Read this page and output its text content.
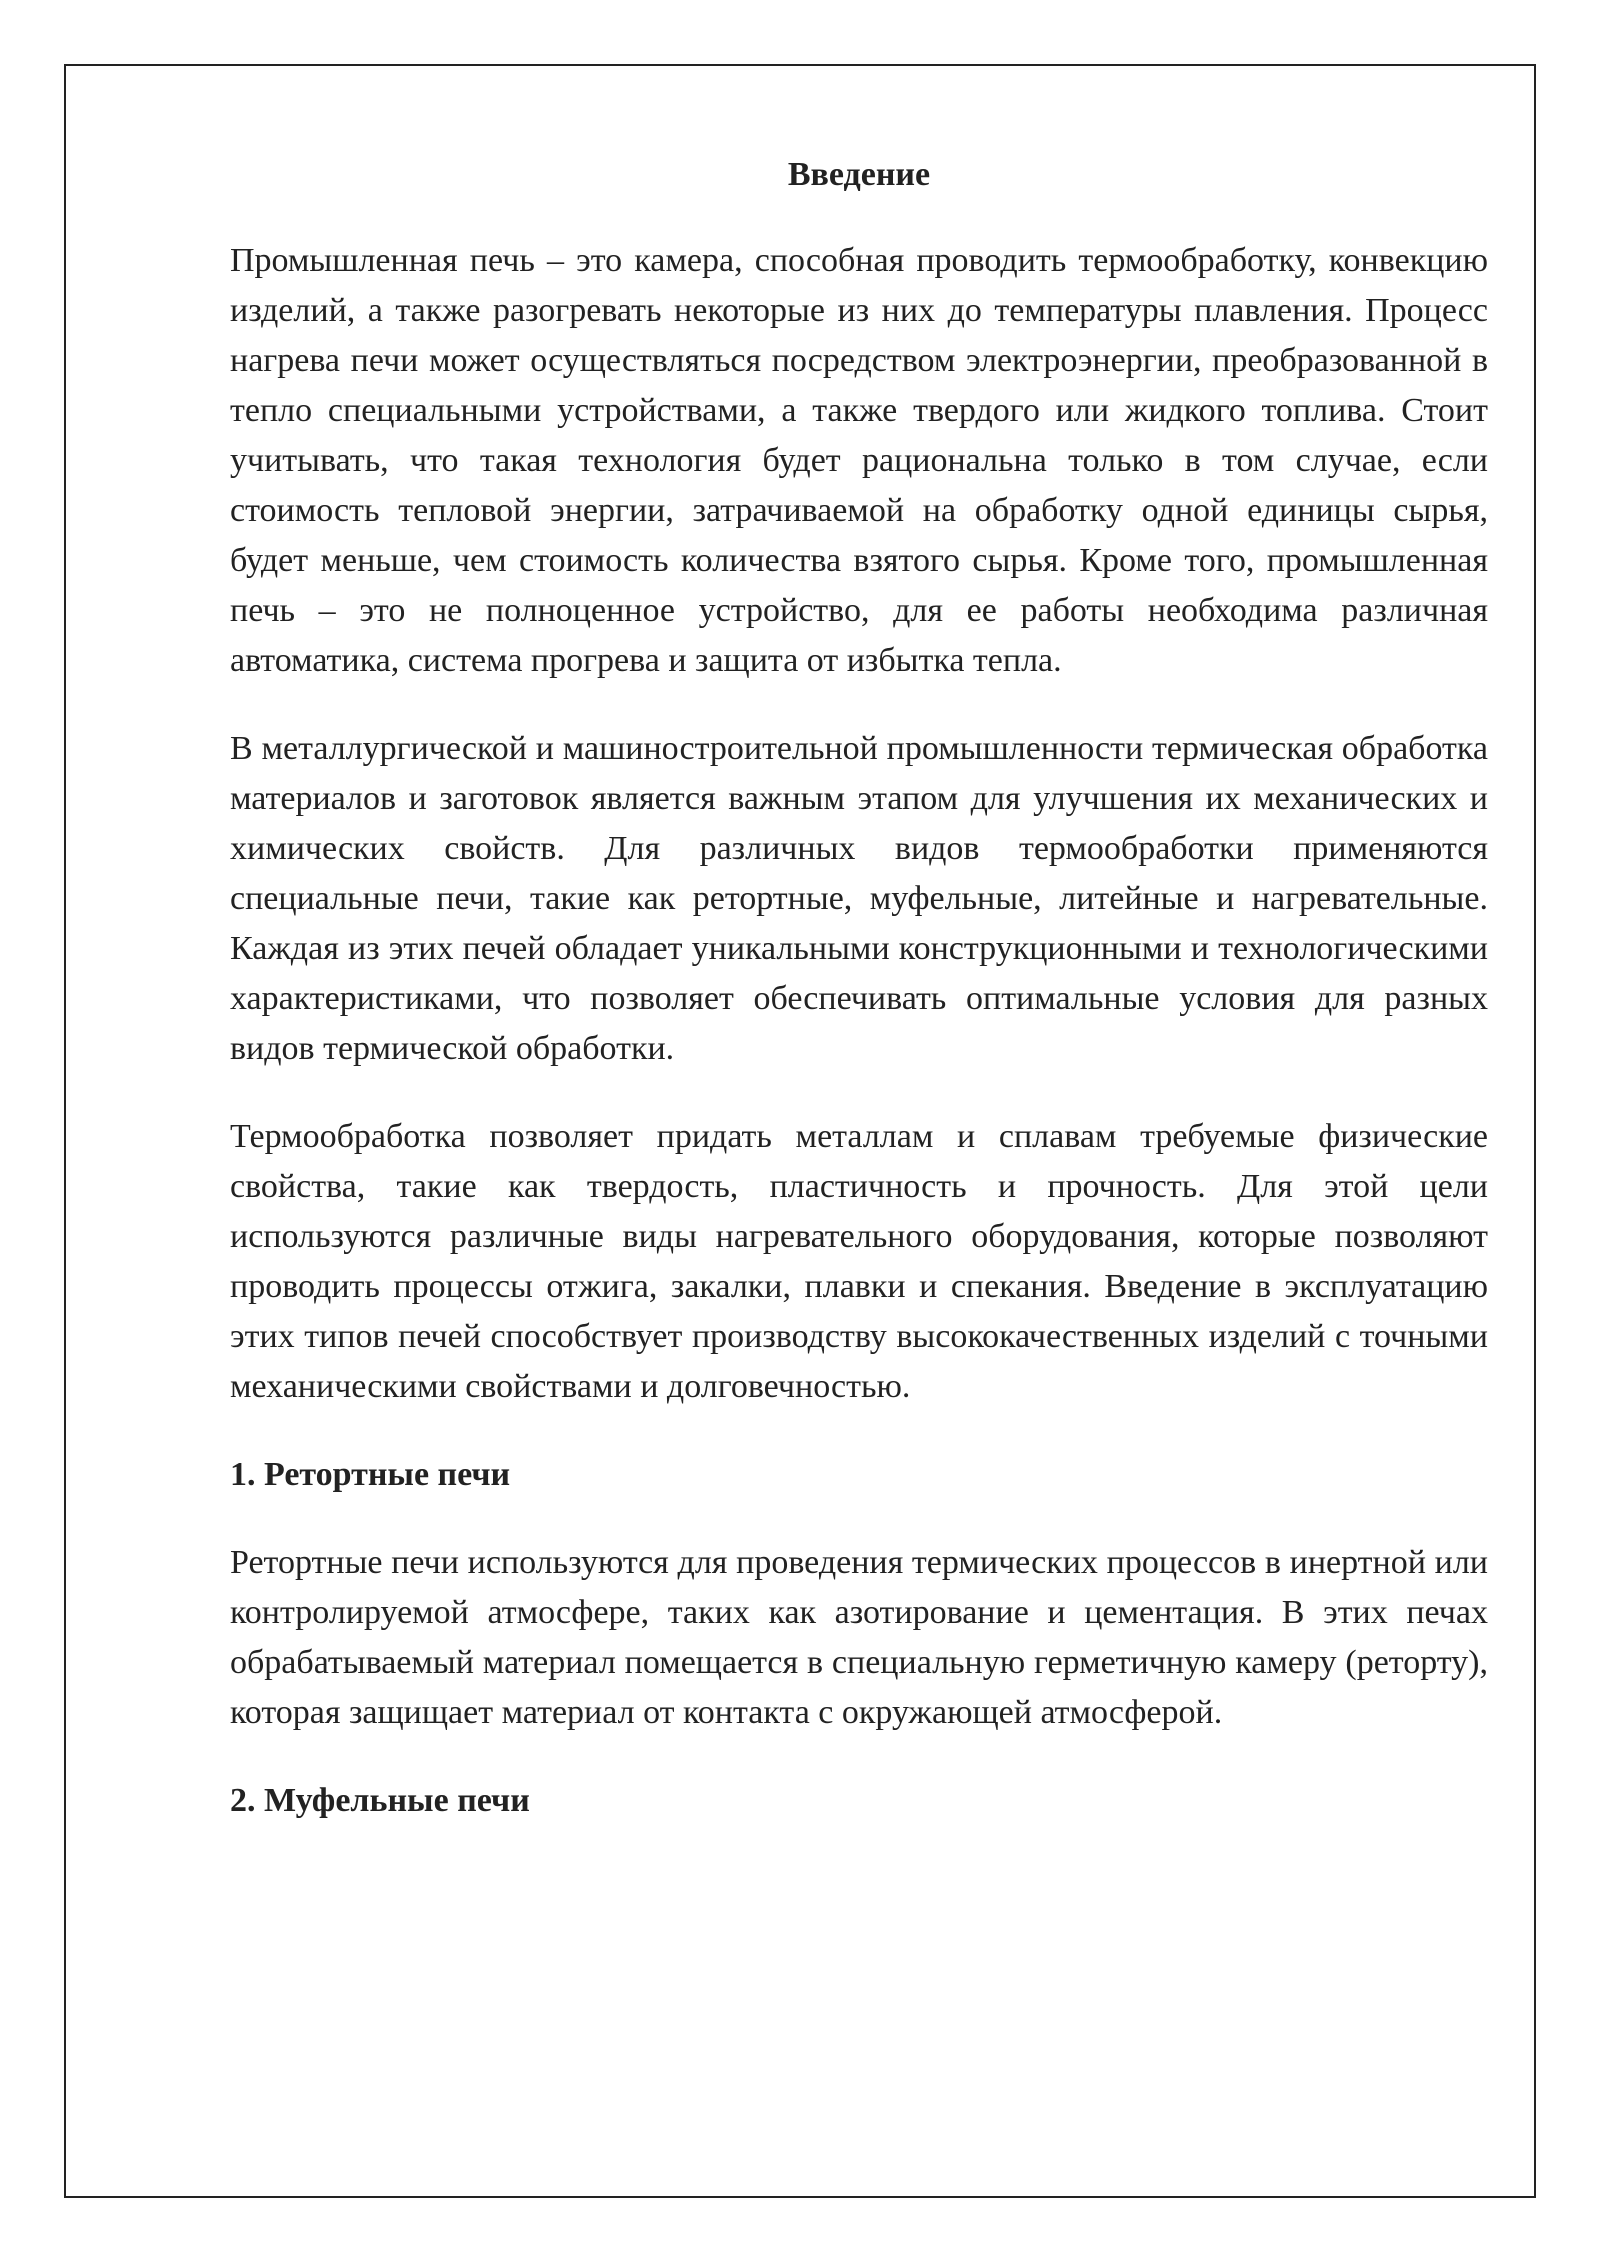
Введение

Промышленная печь – это камера, способная проводить термообработку, конвекцию изделий, а также разогревать некоторые из них до температуры плавления. Процесс нагрева печи может осуществляться посредством электроэнергии, преобразованной в тепло специальными устройствами, а также твердого или жидкого топлива. Стоит учитывать, что такая технология будет рациональна только в том случае, если стоимость тепловой энергии, затрачиваемой на обработку одной единицы сырья, будет меньше, чем стоимость количества взятого сырья. Кроме того, промышленная печь – это не полноценное устройство, для ее работы необходима различная автоматика, система прогрева и защита от избытка тепла.

В металлургической и машиностроительной промышленности термическая обработка материалов и заготовок является важным этапом для улучшения их механических и химических свойств. Для различных видов термообработки применяются специальные печи, такие как ретортные, муфельные, литейные и нагревательные. Каждая из этих печей обладает уникальными конструкционными и технологическими характеристиками, что позволяет обеспечивать оптимальные условия для разных видов термической обработки.

Термообработка позволяет придать металлам и сплавам требуемые физические свойства, такие как твердость, пластичность и прочность. Для этой цели используются различные виды нагревательного оборудования, которые позволяют проводить процессы отжига, закалки, плавки и спекания. Введение в эксплуатацию этих типов печей способствует производству высококачественных изделий с точными механическими свойствами и долговечностью.

1. Ретортные печи

Ретортные печи используются для проведения термических процессов в инертной или контролируемой атмосфере, таких как азотирование и цементация. В этих печах обрабатываемый материал помещается в специальную герметичную камеру (реторту), которая защищает материал от контакта с окружающей атмосферой.

2. Муфельные печи
